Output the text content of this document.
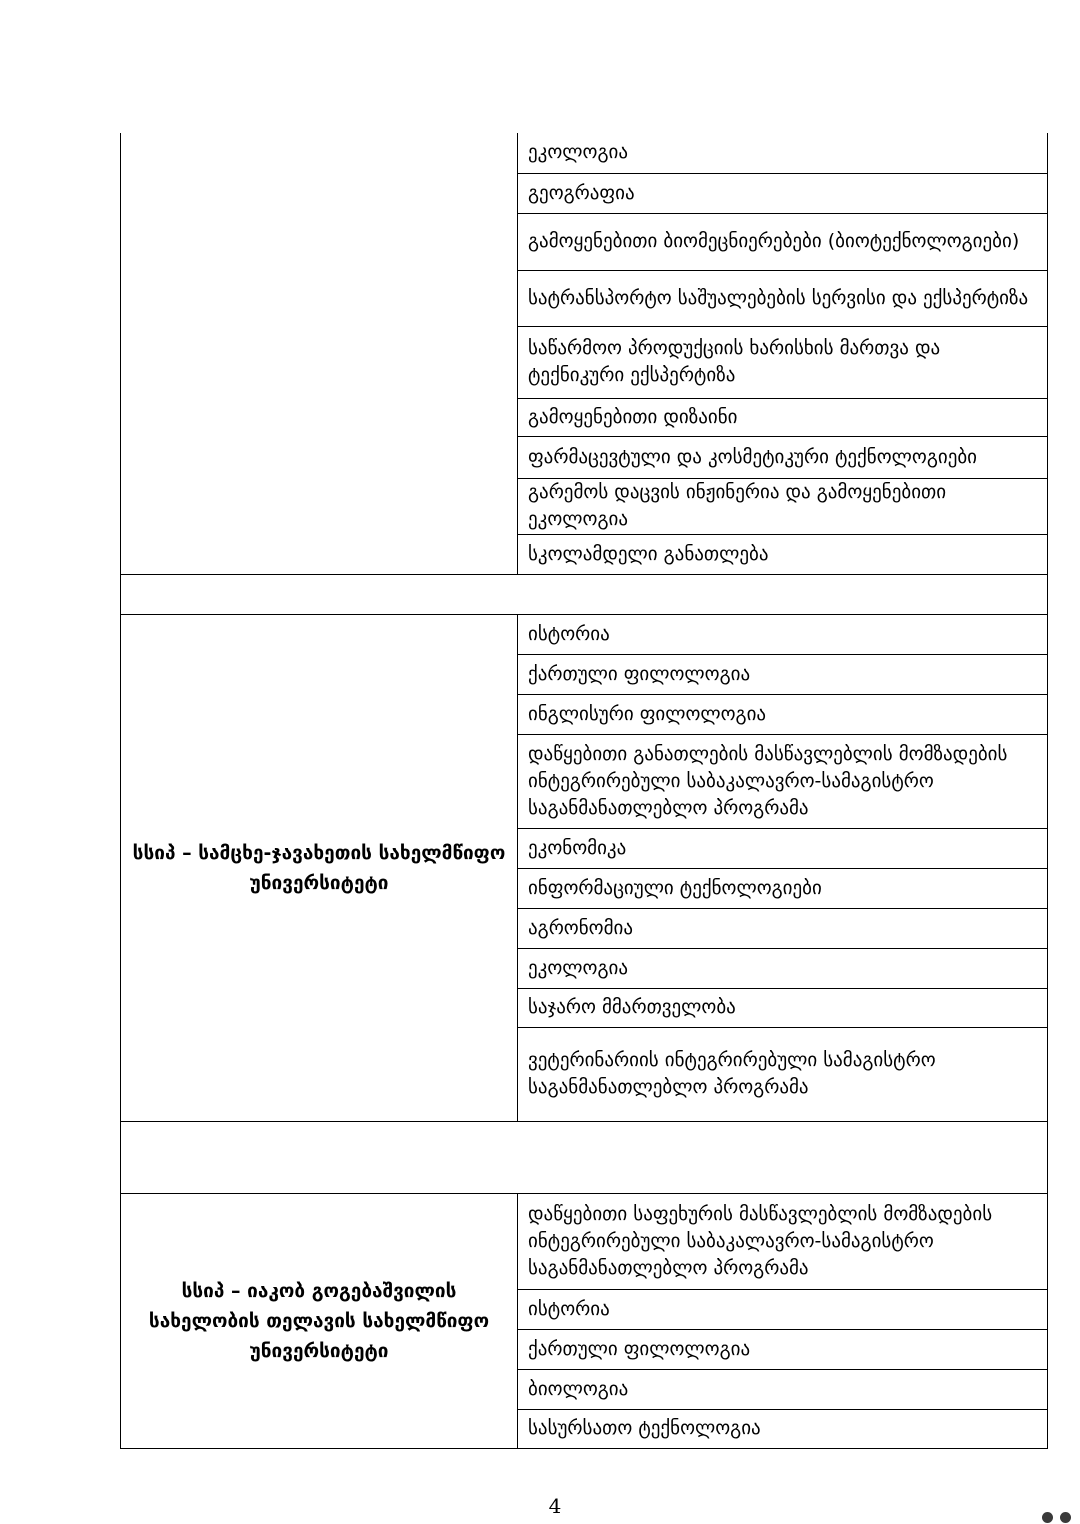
	ეკოლოგია
	გეოგრაფია
	გამოყენებითი ბიომეცნიერებები (ბიოტექნოლოგიები)
	სატრანსპორტო საშუალებების სერვისი და ექსპერტიზა
	საწარმოო პროდუქციის ხარისხის მართვა და ტექნიკური ექსპერტიზა
	გამოყენებითი დიზაინი
	ფარმაცევტული და კოსმეტიკური ტექნოლოგიები
	გარემოს დაცვის ინჟინერია და გამოყენებითი ეკოლოგია
	სკოლამდელი განათლება

სსიპ – სამცხე-ჯავახეთის სახელმწიფო უნივერსიტეტი	ისტორია
	ქართული ფილოლოგია
	ინგლისური ფილოლოგია
	დაწყებითი განათლების მასწავლებლის მომზადების ინტეგრირებული საბაკალავრო-სამაგისტრო საგანმანათლებლო პროგრამა
	ეკონომიკა
	ინფორმაციული ტექნოლოგიები
	აგრონომია
	ეკოლოგია
	საჯარო მმართველობა
	ვეტერინარიის ინტეგრირებული სამაგისტრო საგანმანათლებლო პროგრამა

სსიპ – იაკობ გოგებაშვილის სახელობის თელავის სახელმწიფო უნივერსიტეტი	დაწყებითი საფეხურის მასწავლებლის მომზადების ინტეგრირებული საბაკალავრო-სამაგისტრო საგანმანათლებლო პროგრამა
	ისტორია
	ქართული ფილოლოგია
	ბიოლოგია
	სასურსათო ტექნოლოგია
4
